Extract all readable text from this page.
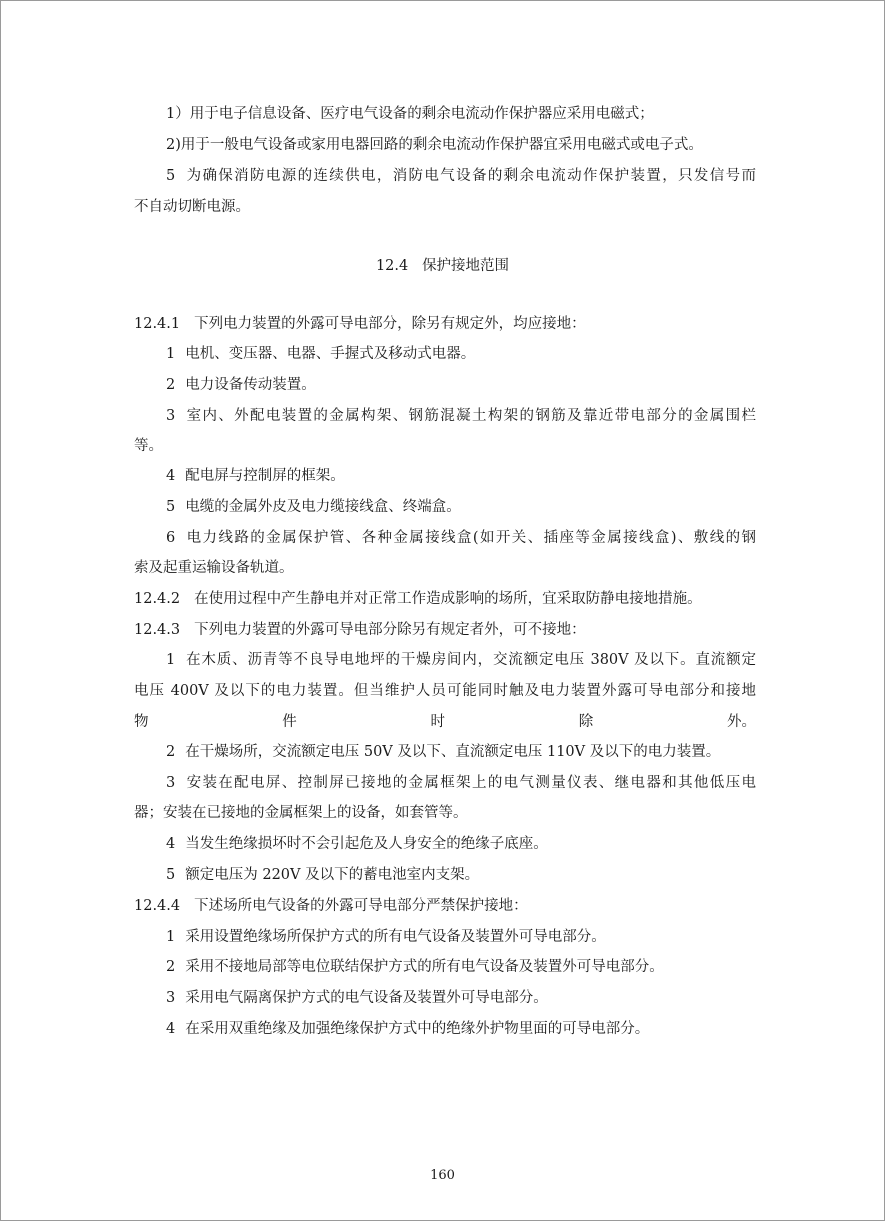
1）用于电子信息设备、医疗电气设备的剩余电流动作保护器应采用电磁式；
2)用于一般电气设备或家用电器回路的剩余电流动作保护器宜采用电磁式或电子式。
5 为确保消防电源的连续供电，消防电气设备的剩余电流动作保护装置，只发信号而
不自动切断电源。
12.4 保护接地范围
12.4.1 下列电力装置的外露可导电部分，除另有规定外，均应接地：
1 电机、变压器、电器、手握式及移动式电器。
2 电力设备传动装置。
3 室内、外配电装置的金属构架、钢筋混凝土构架的钢筋及靠近带电部分的金属围栏
等。
4 配电屏与控制屏的框架。
5 电缆的金属外皮及电力缆接线盒、终端盒。
6 电力线路的金属保护管、各种金属接线盒(如开关、插座等金属接线盒)、敷线的钢
索及起重运输设备轨道。
12.4.2 在使用过程中产生静电并对正常工作造成影响的场所，宜采取防静电接地措施。
12.4.3 下列电力装置的外露可导电部分除另有规定者外，可不接地：
1 在木质、沥青等不良导电地坪的干燥房间内，交流额定电压 380V 及以下。直流额定
电压 400V 及以下的电力装置。但当维护人员可能同时触及电力装置外露可导电部分和接地
物	件	时	除	外。
2 在干燥场所，交流额定电压 50V 及以下、直流额定电压 110V 及以下的电力装置。
3 安装在配电屏、控制屏已接地的金属框架上的电气测量仪表、继电器和其他低压电
器；安装在已接地的金属框架上的设备，如套管等。
4 当发生绝缘损坏时不会引起危及人身安全的绝缘子底座。
5 额定电压为 220V 及以下的蓄电池室内支架。
12.4.4 下述场所电气设备的外露可导电部分严禁保护接地：
1 采用设置绝缘场所保护方式的所有电气设备及装置外可导电部分。
2 采用不接地局部等电位联结保护方式的所有电气设备及装置外可导电部分。
3 采用电气隔离保护方式的电气设备及装置外可导电部分。
4 在采用双重绝缘及加强绝缘保护方式中的绝缘外护物里面的可导电部分。
160
